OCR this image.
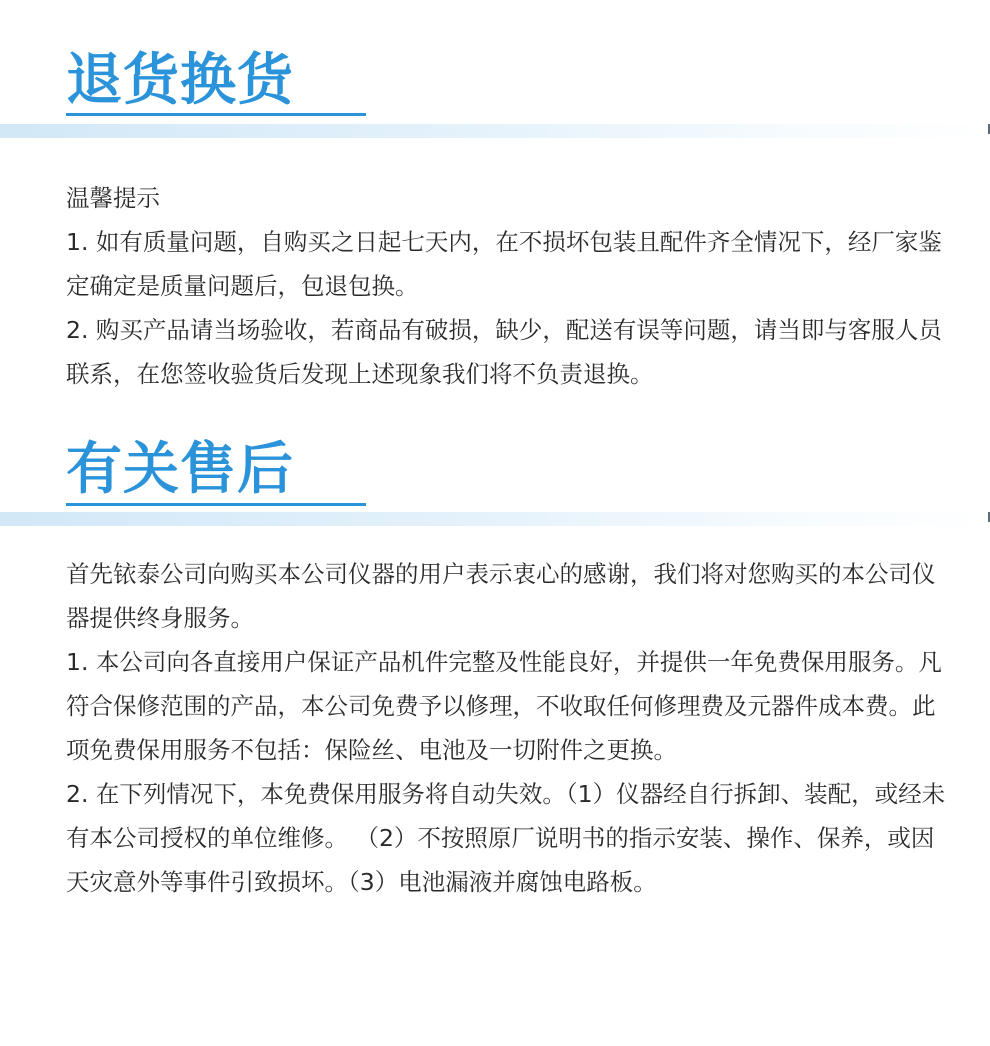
退货换货

温馨提示

1. 如有质量问题，自购买之日起七天内，在不损坏包装且配件齐全情况下，经厂家鉴定确定是质量问题后，包退包换。

2. 购买产品请当场验收，若商品有破损，缺少，配送有误等问题，请当即与客服人员联系，在您签收验货后发现上述现象我们将不负责退换。

有关售后

首先铱泰公司向购买本公司仪器的用户表示衷心的感谢，我们将对您购买的本公司仪器提供终身服务。

1. 本公司向各直接用户保证产品机件完整及性能良好，并提供一年免费保用服务。凡符合保修范围的产品，本公司免费予以修理，不收取任何修理费及元器件成本费。此项免费保用服务不包括：保险丝、电池及一切附件之更换。

2. 在下列情况下，本免费保用服务将自动失效。（1）仪器经自行拆卸、装配，或经未有本公司授权的单位维修。 （2）不按照原厂说明书的指示安装、操作、保养，或因天灾意外等事件引致损坏。（3）电池漏液并腐蚀电路板。
